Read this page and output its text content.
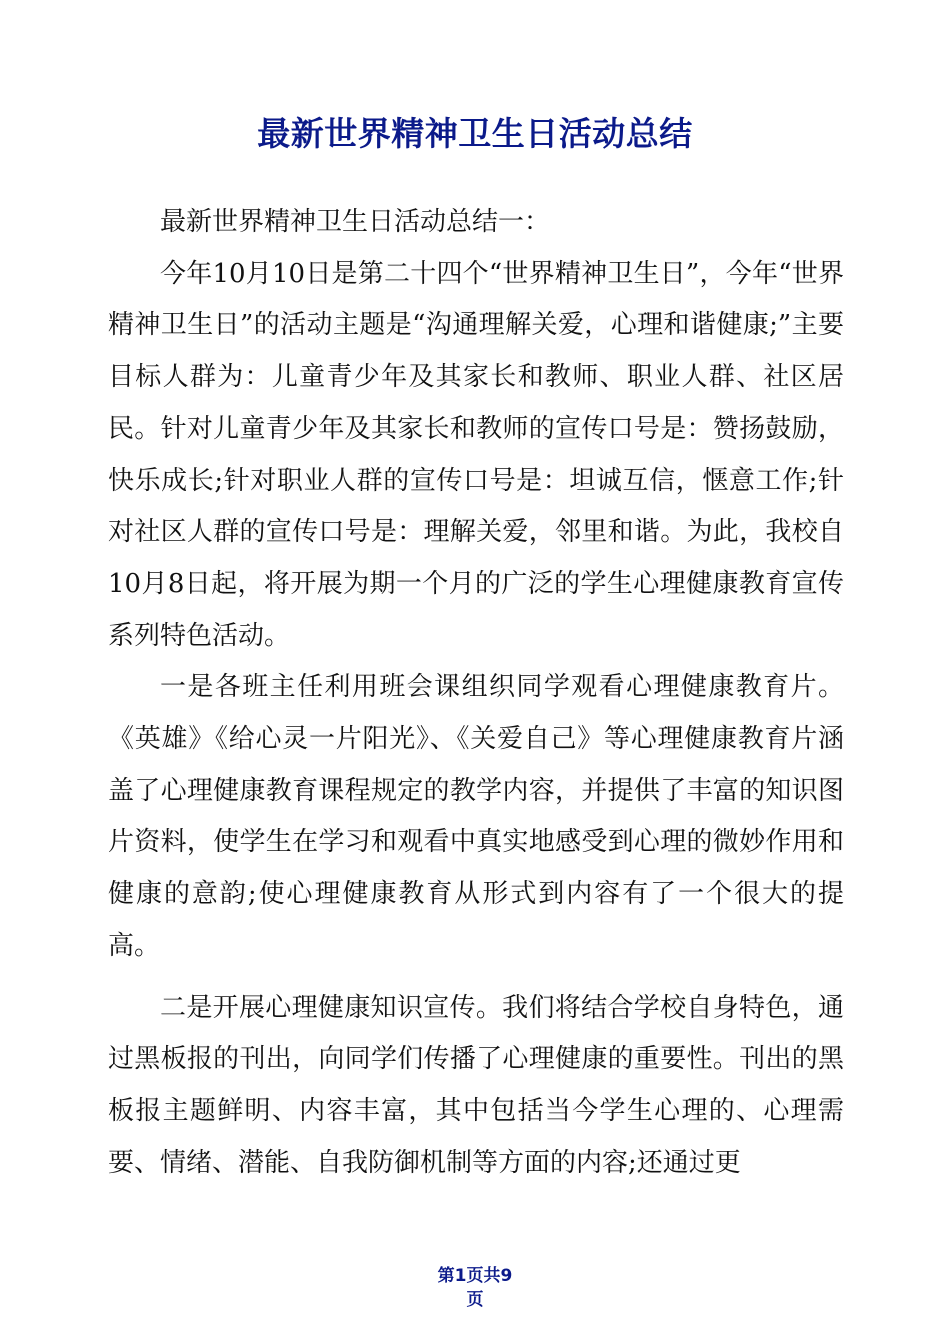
最新世界精神卫生日活动总结

最新世界精神卫生日活动总结一：

今年10月10日是第二十四个“世界精神卫生日”，今年“世界精神卫生日”的活动主题是“沟通理解关爱，心理和谐健康;”主要目标人群为：儿童青少年及其家长和教师、职业人群、社区居民。针对儿童青少年及其家长和教师的宣传口号是：赞扬鼓励，快乐成长;针对职业人群的宣传口号是：坦诚互信，惬意工作;针对社区人群的宣传口号是：理解关爱，邻里和谐。为此，我校自10月8日起，将开展为期一个月的广泛的学生心理健康教育宣传系列特色活动。

一是各班主任利用班会课组织同学观看心理健康教育片。《英雄》《给心灵一片阳光》、《关爱自己》等心理健康教育片涵盖了心理健康教育课程规定的教学内容，并提供了丰富的知识图片资料，使学生在学习和观看中真实地感受到心理的微妙作用和健康的意韵;使心理健康教育从形式到内容有了一个很大的提高。

二是开展心理健康知识宣传。我们将结合学校自身特色，通过黑板报的刊出，向同学们传播了心理健康的重要性。刊出的黑板报主题鲜明、内容丰富，其中包括当今学生心理的、心理需要、情绪、潜能、自我防御机制等方面的内容;还通过更

第1页共9
页
